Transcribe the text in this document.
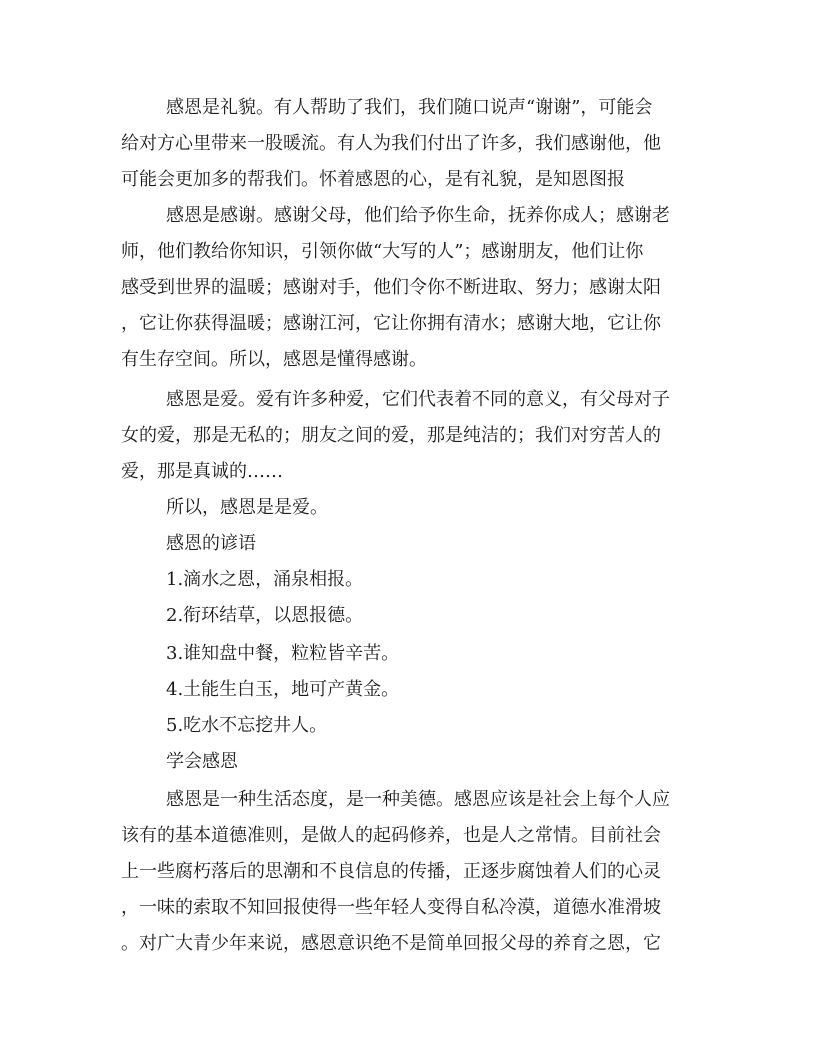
感恩是礼貌。有人帮助了我们，我们随口说声“谢谢”，可能会
给对方心里带来一股暖流。有人为我们付出了许多，我们感谢他，他
可能会更加多的帮我们。怀着感恩的心，是有礼貌，是知恩图报
感恩是感谢。感谢父母，他们给予你生命，抚养你成人；感谢老
师，他们教给你知识，引领你做“大写的人”；感谢朋友，他们让你
感受到世界的温暖；感谢对手，他们令你不断进取、努力；感谢太阳
，它让你获得温暖；感谢江河，它让你拥有清水；感谢大地，它让你
有生存空间。所以，感恩是懂得感谢。
感恩是爱。爱有许多种爱，它们代表着不同的意义，有父母对子
女的爱，那是无私的；朋友之间的爱，那是纯洁的；我们对穷苦人的
爱，那是真诚的……
所以，感恩是是爱。
感恩的谚语
1.滴水之恩，涌泉相报。
2.衔环结草，以恩报德。
3.谁知盘中餐，粒粒皆辛苦。
4.土能生白玉，地可产黄金。
5.吃水不忘挖井人。
学会感恩
感恩是一种生活态度，是一种美德。感恩应该是社会上每个人应
该有的基本道德准则，是做人的起码修养，也是人之常情。目前社会
上一些腐朽落后的思潮和不良信息的传播，正逐步腐蚀着人们的心灵
，一味的索取不知回报使得一些年轻人变得自私冷漠，道德水准滑坡
。对广大青少年来说，感恩意识绝不是简单回报父母的养育之恩，它
